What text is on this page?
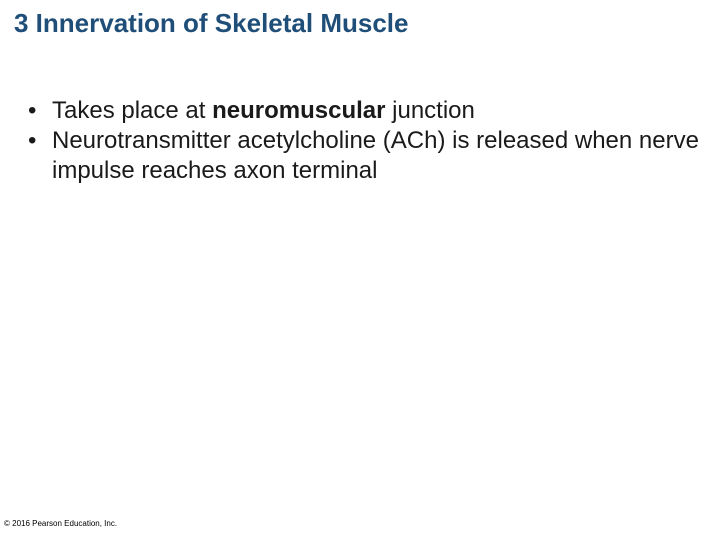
3 Innervation of Skeletal Muscle
• Takes place at neuromuscular junction
• Neurotransmitter acetylcholine (ACh) is released when nerve impulse reaches axon terminal
© 2016 Pearson Education, Inc.
